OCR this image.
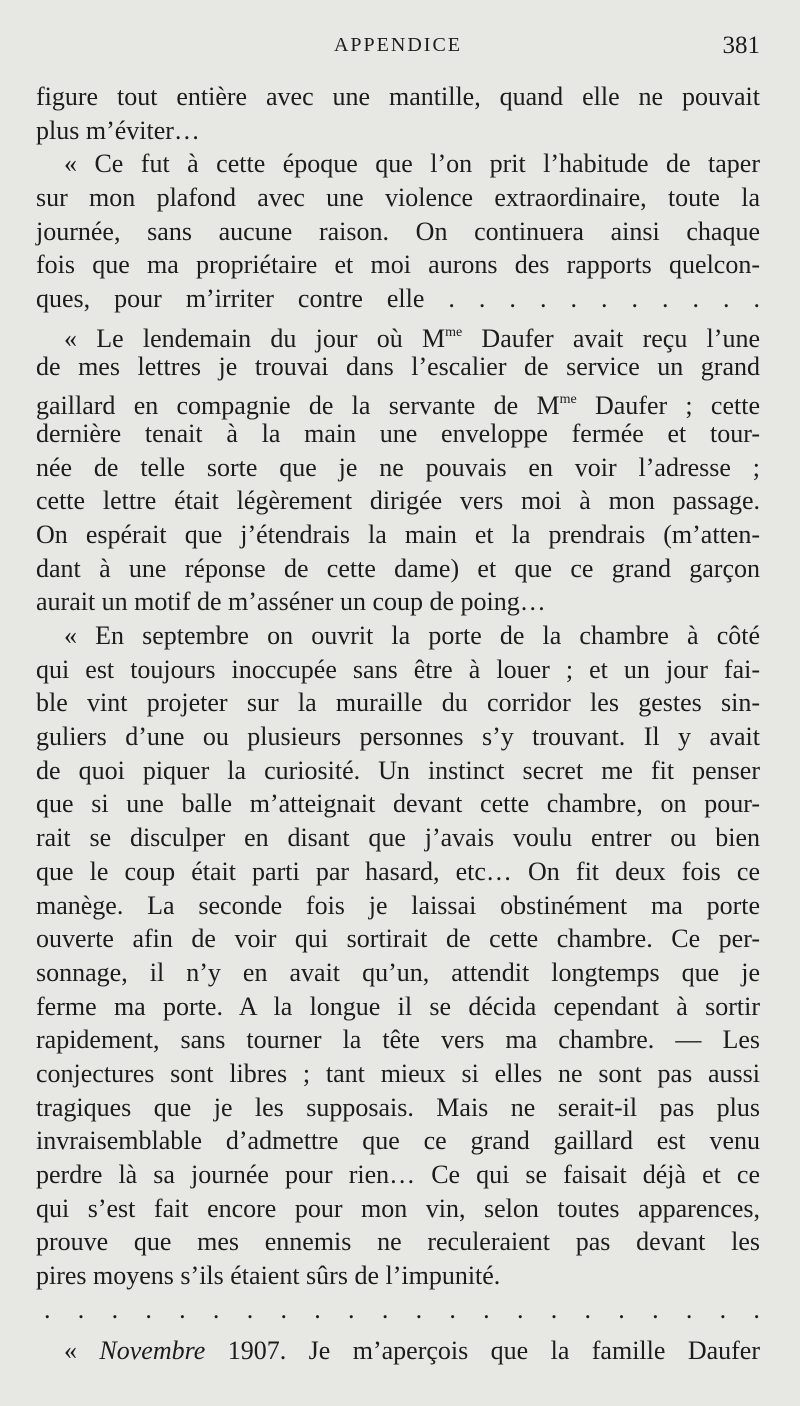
APPENDICE	381
figure tout entière avec une mantille, quand elle ne pouvait
plus m’éviter…
« Ce fut à cette époque que l’on prit l’habitude de taper
sur mon plafond avec une violence extraordinaire, toute la
journée, sans aucune raison. On continuera ainsi chaque
fois que ma propriétaire et moi aurons des rapports quelcon-
ques, pour m’irriter contre elle . . . . . . . . . . .
« Le lendemain du jour où $M^{me}$ Daufer avait reçu l’une
de mes lettres je trouvai dans l’escalier de service un grand
gaillard en compagnie de la servante de $M^{me}$ Daufer ; cette
dernière tenait à la main une enveloppe fermée et tour-
née de telle sorte que je ne pouvais en voir l’adresse ;
cette lettre était légèrement dirigée vers moi à mon passage.
On espérait que j’étendrais la main et la prendrais (m’atten-
dant à une réponse de cette dame) et que ce grand garçon
aurait un motif de m’asséner un coup de poing…
« En septembre on ouvrit la porte de la chambre à côté
qui est toujours inoccupée sans être à louer ; et un jour fai-
ble vint projeter sur la muraille du corridor les gestes sin-
guliers d’une ou plusieurs personnes s’y trouvant. Il y avait
de quoi piquer la curiosité. Un instinct secret me fit penser
que si une balle m’atteignait devant cette chambre, on pour-
rait se disculper en disant que j’avais voulu entrer ou bien
que le coup était parti par hasard, etc… On fit deux fois ce
manège. La seconde fois je laissai obstinément ma porte
ouverte afin de voir qui sortirait de cette chambre. Ce per-
sonnage, il n’y en avait qu’un, attendit longtemps que je
ferme ma porte. A la longue il se décida cependant à sortir
rapidement, sans tourner la tête vers ma chambre. — Les
conjectures sont libres ; tant mieux si elles ne sont pas aussi
tragiques que je les supposais. Mais ne serait-il pas plus
invraisemblable d’admettre que ce grand gaillard est venu
perdre là sa journée pour rien… Ce qui se faisait déjà et ce
qui s’est fait encore pour mon vin, selon toutes apparences,
prouve que mes ennemis ne reculeraient pas devant les
pires moyens s’ils étaient sûrs de l’impunité.
. . . . . . . . . . . . . . . . . . . . . .
« Novembre 1907. Je m’aperçois que la famille Daufer
